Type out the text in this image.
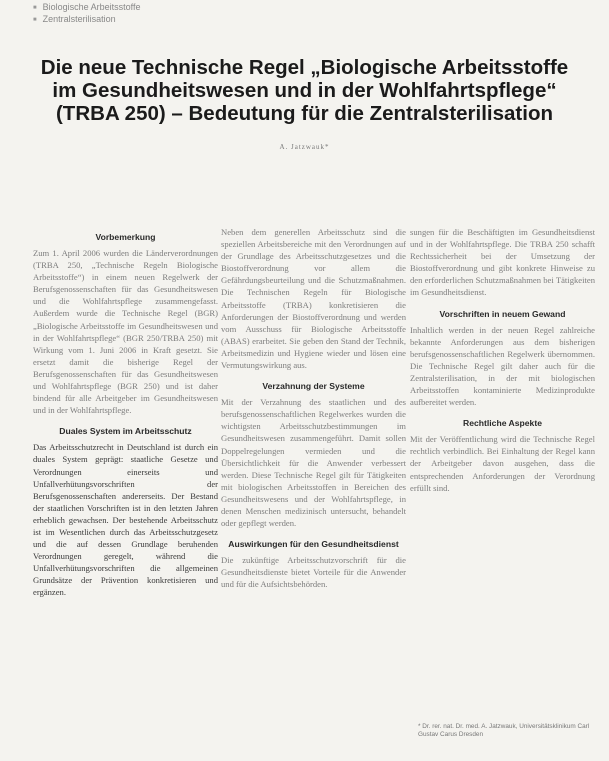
■ Biologische Arbeitsstoffe
■ Zentralsterilisation
Die neue Technische Regel „Biologische Arbeitsstoffe
im Gesundheitswesen und in der Wohlfahrtspflege“
(TRBA 250) – Bedeutung für die Zentralsterilisation
A. Jatzwauk*
Vorbemerkung

Zum 1. April 2006 wurden die Länderverordnungen (TRBA 250, „Technische Regeln Biologische Arbeitsstoffe“) in einem neuen Regelwerk der Berufsgenossenschaften für das Gesundheitswesen und die Wohlfahrtspflege zusammengefasst. Außerdem wurde die Technische Regel (BGR) „Biologische Arbeitsstoffe im Gesundheitswesen und in der Wohlfahrtspflege“ (BGR 250/TRBA 250) mit Wirkung vom 1. Juni 2006 in Kraft gesetzt. Sie ersetzt damit die bisherige Regel der Berufsgenossenschaften für das Gesundheitswesen und Wohlfahrtspflege (BGR 250) und ist daher bindend für alle Arbeitgeber im Gesundheitswesen und in der Wohlfahrtspflege.

Duales System im Arbeitsschutz

Das Arbeitsschutzrecht in Deutschland ist durch ein duales System geprägt: staatliche Gesetze und Verordnungen einerseits und Unfallverhütungsvorschriften der Berufsgenossenschaften andererseits. Der Bestand der staatlichen Vorschriften ist in den letzten Jahren erheblich gewachsen. Der bestehende Arbeitsschutz ist im Wesentlichen durch das Arbeitsschutzgesetz und die auf dessen Grundlage beruhenden Verordnungen geregelt, während die Unfallverhütungsvorschriften die allgemeinen Grundsätze der Prävention konkretisieren und ergänzen.

Neben dem generellen Arbeitsschutz sind die speziellen Arbeitsbereiche mit den Verordnungen auf der Grundlage des Arbeitsschutzgesetzes und die Biostoffverordnung vor allem die Gefährdungsbeurteilung und die Schutzmaßnahmen. Die Technischen Regeln für Biologische Arbeitsstoffe (TRBA) konkretisieren die Anforderungen der Biostoffverordnung und werden vom Ausschuss für Biologische Arbeitsstoffe (ABAS) erarbeitet. Sie geben den Stand der Technik, Arbeitsmedizin und Hygiene wieder und lösen eine Vermutungswirkung aus.

Verzahnung der Systeme

Mit der Verzahnung des staatlichen und des berufsgenossenschaftlichen Regelwerkes wurden die wichtigsten Arbeitsschutzbestimmungen im Gesundheitswesen zusammengeführt. Damit sollen Doppelregelungen vermieden und die Übersichtlichkeit für die Anwender verbessert werden. Diese Technische Regel gilt für Tätigkeiten mit biologischen Arbeitsstoffen in Bereichen des Gesundheitswesens und der Wohlfahrtspflege, in denen Menschen medizinisch untersucht, behandelt oder gepflegt werden.

Auswirkungen für den Gesundheitsdienst

Die zukünftige Arbeitsschutzvorschrift für die Gesundheitsdienste bietet Vorteile für die Anwender und für die Aufsichtsbehörden.

sungen für die Beschäftigten im Gesundheitsdienst und in der Wohlfahrtspflege. Die TRBA 250 schafft Rechtssicherheit bei der Umsetzung der Biostoffverordnung und gibt konkrete Hinweise zu den erforderlichen Schutzmaßnahmen bei Tätigkeiten im Gesundheitsdienst.

Vorschriften in neuem Gewand

Inhaltlich werden in der neuen Regel zahlreiche bekannte Anforderungen aus dem bisherigen berufsgenossenschaftlichen Regelwerk übernommen. Die Technische Regel gilt daher auch für die Zentralsterilisation, in der mit biologischen Arbeitsstoffen kontaminierte Medizinprodukte aufbereitet werden.

Rechtliche Aspekte

Mit der Veröffentlichung wird die Technische Regel rechtlich verbindlich. Bei Einhaltung der Regel kann der Arbeitgeber davon ausgehen, dass die entsprechenden Anforderungen der Verordnung erfüllt sind.

* Dr. rer. nat. Dr. med. A. Jatzwauk, Universitätsklinikum Carl Gustav Carus Dresden
